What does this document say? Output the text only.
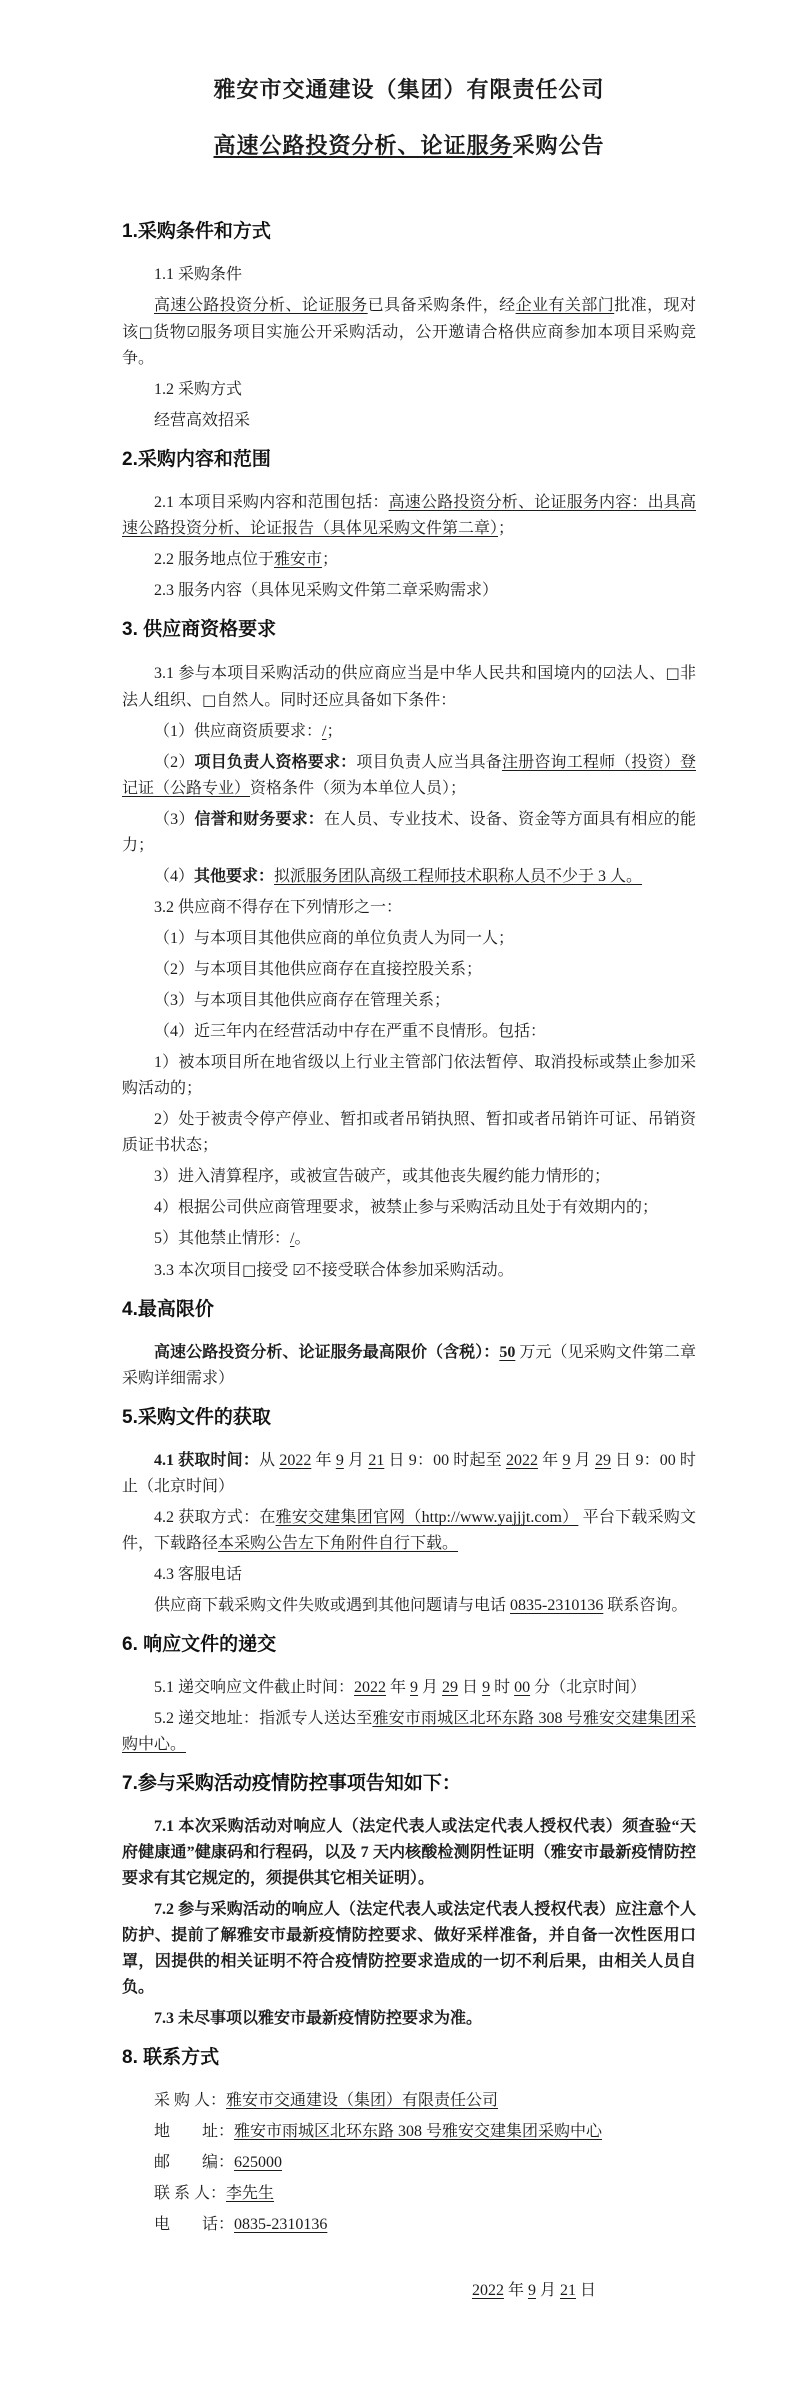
雅安市交通建设（集团）有限责任公司

高速公路投资分析、论证服务采购公告

1.采购条件和方式

1.1 采购条件

高速公路投资分析、论证服务已具备采购条件，经企业有关部门批准，现对该□货物☑服务项目实施公开采购活动，公开邀请合格供应商参加本项目采购竞争。

1.2 采购方式

经营高效招采

2.采购内容和范围

2.1 本项目采购内容和范围包括：高速公路投资分析、论证服务内容：出具高速公路投资分析、论证报告（具体见采购文件第二章）；

2.2 服务地点位于雅安市；

2.3 服务内容（具体见采购文件第二章采购需求）

3. 供应商资格要求

3.1 参与本项目采购活动的供应商应当是中华人民共和国境内的☑法人、□非法人组织、□自然人。同时还应具备如下条件：

（1）供应商资质要求：/；

（2）项目负责人资格要求：项目负责人应当具备注册咨询工程师（投资）登记证（公路专业）资格条件（须为本单位人员）；

（3）信誉和财务要求：在人员、专业技术、设备、资金等方面具有相应的能力；

（4）其他要求：拟派服务团队高级工程师技术职称人员不少于 3 人。

3.2 供应商不得存在下列情形之一：

（1）与本项目其他供应商的单位负责人为同一人；

（2）与本项目其他供应商存在直接控股关系；

（3）与本项目其他供应商存在管理关系；

（4）近三年内在经营活动中存在严重不良情形。包括：

1）被本项目所在地省级以上行业主管部门依法暂停、取消投标或禁止参加采购活动的；

2）处于被责令停产停业、暂扣或者吊销执照、暂扣或者吊销许可证、吊销资质证书状态；

3）进入清算程序，或被宣告破产，或其他丧失履约能力情形的；

4）根据公司供应商管理要求，被禁止参与采购活动且处于有效期内的；

5）其他禁止情形：/。

3.3 本次项目□接受 ☑不接受联合体参加采购活动。

4.最高限价

高速公路投资分析、论证服务最高限价（含税）：50 万元（见采购文件第二章采购详细需求）

5.采购文件的获取

4.1 获取时间：从 2022 年 9 月 21 日 9：00 时起至 2022 年 9 月 29 日 9：00 时止（北京时间）

4.2 获取方式：在雅安交建集团官网（http://www.yajjjt.com） 平台下载采购文件，下载路径本采购公告左下角附件自行下载。

4.3 客服电话

供应商下载采购文件失败或遇到其他问题请与电话 0835-2310136 联系咨询。

6. 响应文件的递交

5.1 递交响应文件截止时间：2022 年 9 月 29 日 9 时 00 分（北京时间）

5.2 递交地址：指派专人送达至雅安市雨城区北环东路 308 号雅安交建集团采购中心。

7.参与采购活动疫情防控事项告知如下：

7.1 本次采购活动对响应人（法定代表人或法定代表人授权代表）须查验“天府健康通”健康码和行程码，以及 7 天内核酸检测阴性证明（雅安市最新疫情防控要求有其它规定的，须提供其它相关证明）。

7.2 参与采购活动的响应人（法定代表人或法定代表人授权代表）应注意个人防护、提前了解雅安市最新疫情防控要求、做好采样准备，并自备一次性医用口罩，因提供的相关证明不符合疫情防控要求造成的一切不利后果，由相关人员自负。

7.3 未尽事项以雅安市最新疫情防控要求为准。

8. 联系方式

采 购 人：雅安市交通建设（集团）有限责任公司

地　　址：雅安市雨城区北环东路 308 号雅安交建集团采购中心

邮　　编：625000

联 系 人：李先生

电　　话：0835-2310136

2022 年 9 月 21 日
